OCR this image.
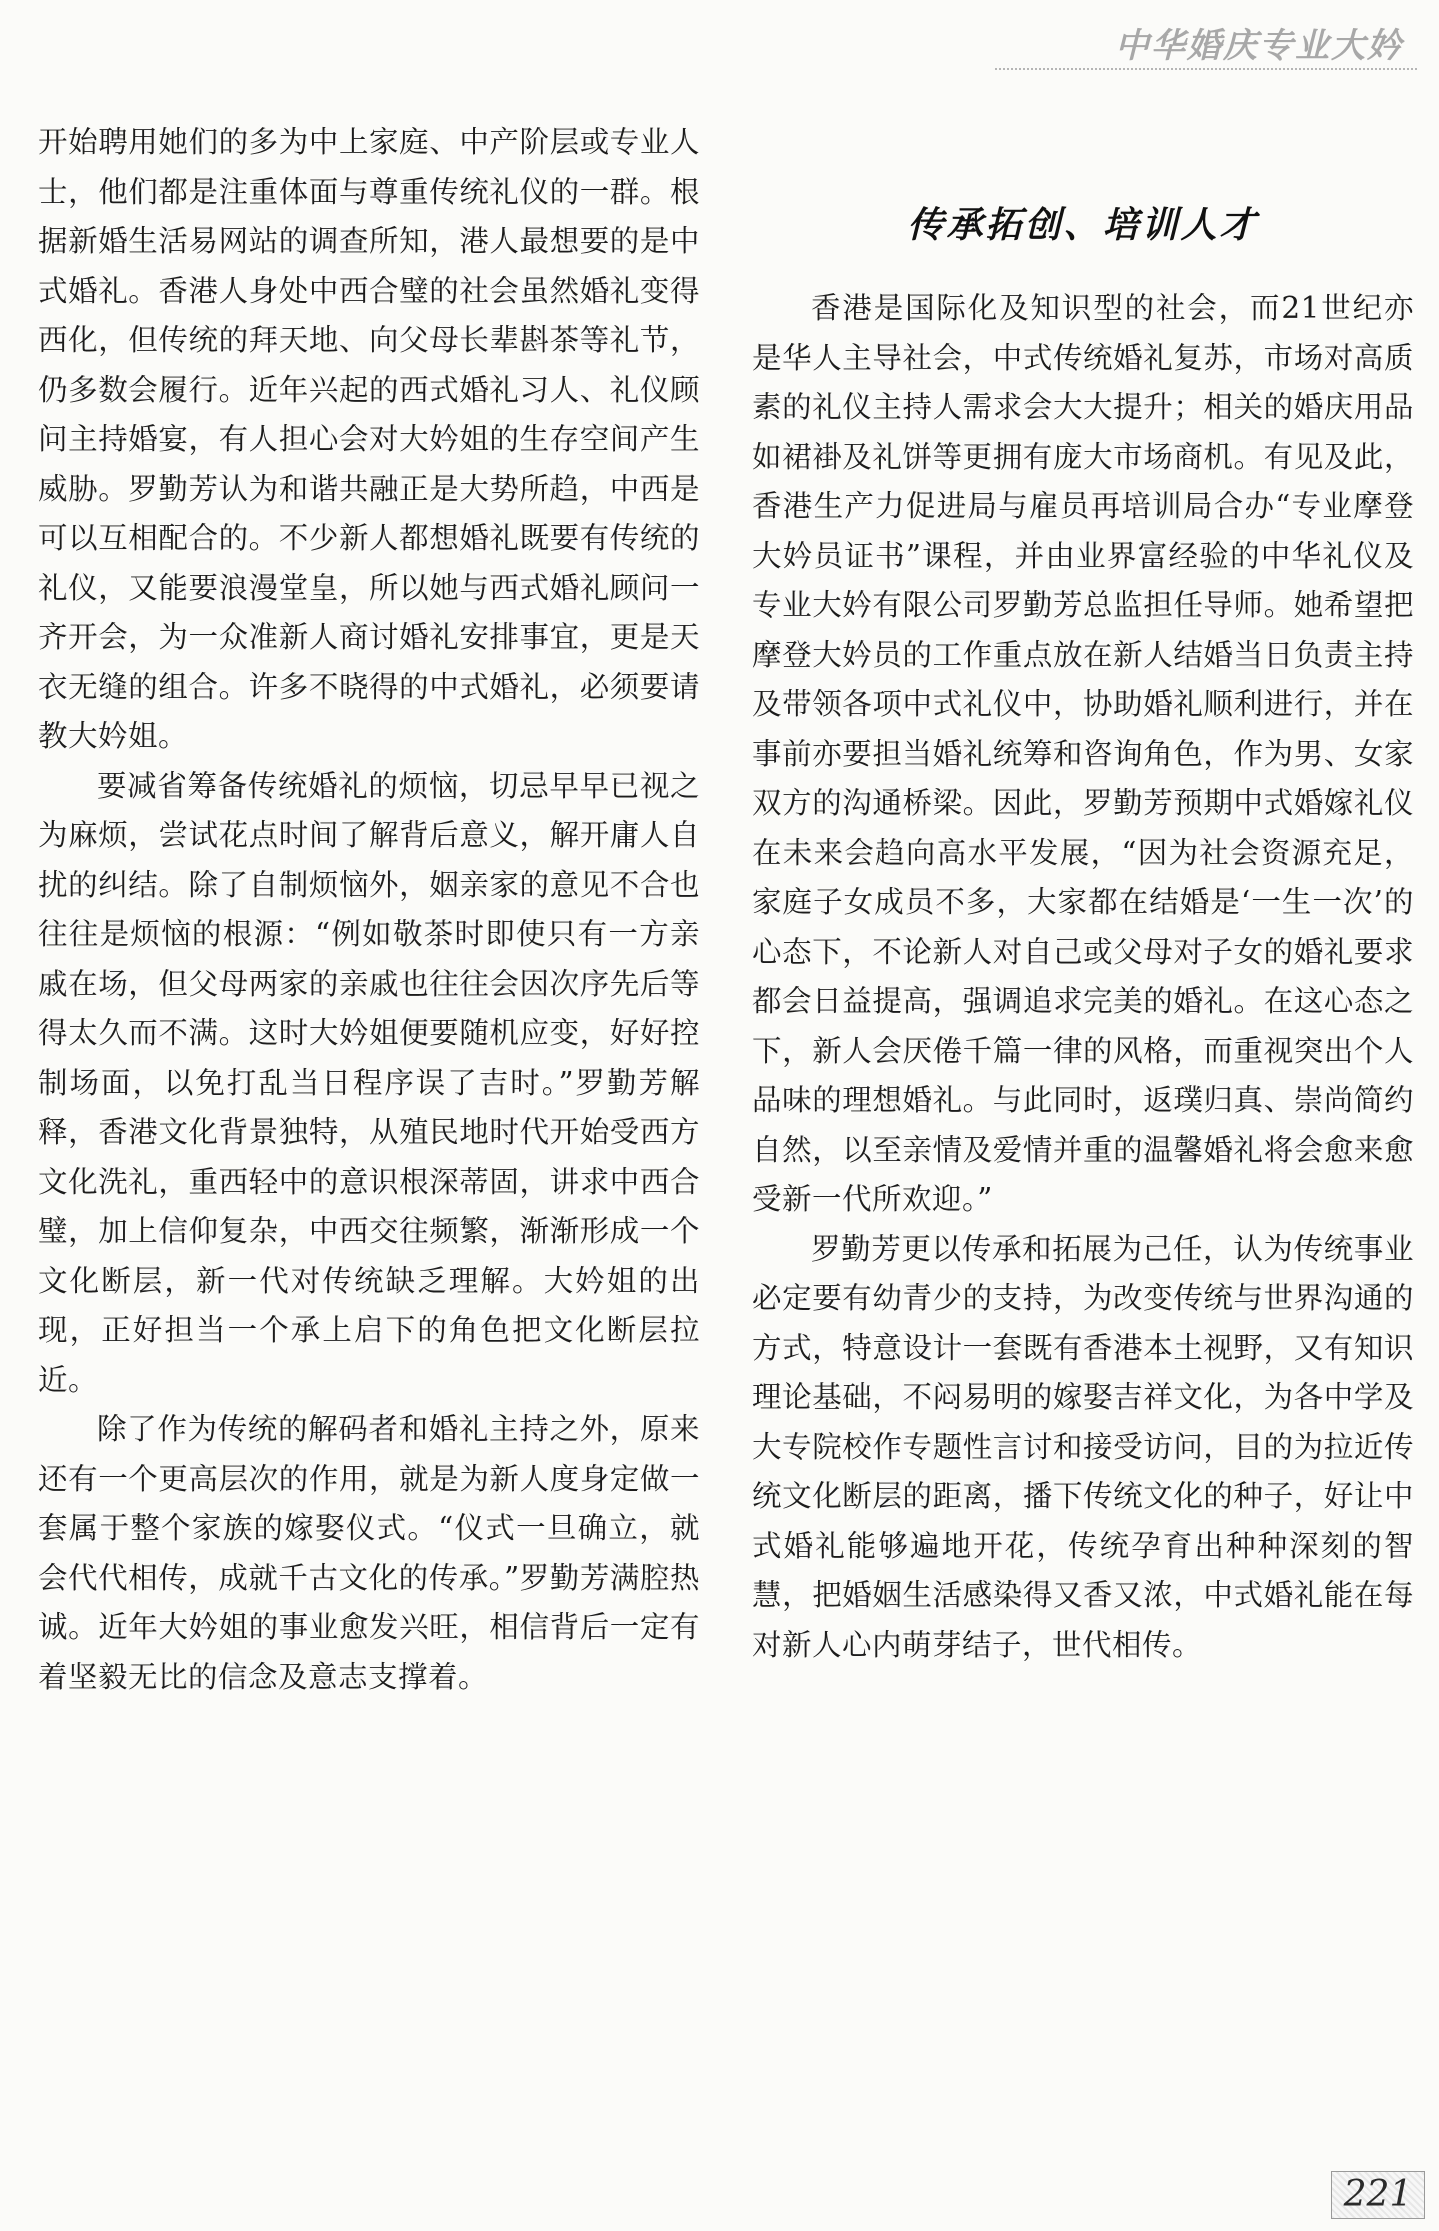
中华婚庆专业大妗

开始聘用她们的多为中上家庭、中产阶层或专业人士，他们都是注重体面与尊重传统礼仪的一群。根据新婚生活易网站的调查所知，港人最想要的是中式婚礼。香港人身处中西合璧的社会虽然婚礼变得西化，但传统的拜天地、向父母长辈斟茶等礼节，仍多数会履行。近年兴起的西式婚礼习人、礼仪顾问主持婚宴，有人担心会对大妗姐的生存空间产生威胁。罗勤芳认为和谐共融正是大势所趋，中西是可以互相配合的。不少新人都想婚礼既要有传统的礼仪，又能要浪漫堂皇，所以她与西式婚礼顾问一齐开会，为一众准新人商讨婚礼安排事宜，更是天衣无缝的组合。许多不晓得的中式婚礼，必须要请教大妗姐。

要减省筹备传统婚礼的烦恼，切忌早早已视之为麻烦，尝试花点时间了解背后意义，解开庸人自扰的纠结。除了自制烦恼外，姻亲家的意见不合也往往是烦恼的根源：“例如敬茶时即使只有一方亲戚在场，但父母两家的亲戚也往往会因次序先后等得太久而不满。这时大妗姐便要随机应变，好好控制场面，以免打乱当日程序误了吉时。”罗勤芳解释，香港文化背景独特，从殖民地时代开始受西方文化洗礼，重西轻中的意识根深蒂固，讲求中西合璧，加上信仰复杂，中西交往频繁，渐渐形成一个文化断层，新一代对传统缺乏理解。大妗姐的出现，正好担当一个承上启下的角色把文化断层拉近。

除了作为传统的解码者和婚礼主持之外，原来还有一个更高层次的作用，就是为新人度身定做一套属于整个家族的嫁娶仪式。“仪式一旦确立，就会代代相传，成就千古文化的传承。”罗勤芳满腔热诚。近年大妗姐的事业愈发兴旺，相信背后一定有着坚毅无比的信念及意志支撑着。

传承拓创、培训人才

香港是国际化及知识型的社会，而21世纪亦是华人主导社会，中式传统婚礼复苏，市场对高质素的礼仪主持人需求会大大提升；相关的婚庆用品如裙褂及礼饼等更拥有庞大市场商机。有见及此，香港生产力促进局与雇员再培训局合办“专业摩登大妗员证书”课程，并由业界富经验的中华礼仪及专业大妗有限公司罗勤芳总监担任导师。她希望把摩登大妗员的工作重点放在新人结婚当日负责主持及带领各项中式礼仪中，协助婚礼顺利进行，并在事前亦要担当婚礼统筹和咨询角色，作为男、女家双方的沟通桥梁。因此，罗勤芳预期中式婚嫁礼仪在未来会趋向高水平发展，“因为社会资源充足，家庭子女成员不多，大家都在结婚是‘一生一次’的心态下，不论新人对自己或父母对子女的婚礼要求都会日益提高，强调追求完美的婚礼。在这心态之下，新人会厌倦千篇一律的风格，而重视突出个人品味的理想婚礼。与此同时，返璞归真、崇尚简约自然，以至亲情及爱情并重的温馨婚礼将会愈来愈受新一代所欢迎。”

罗勤芳更以传承和拓展为己任，认为传统事业必定要有幼青少的支持，为改变传统与世界沟通的方式，特意设计一套既有香港本土视野，又有知识理论基础，不闷易明的嫁娶吉祥文化，为各中学及大专院校作专题性言讨和接受访问，目的为拉近传统文化断层的距离，播下传统文化的种子，好让中式婚礼能够遍地开花，传统孕育出种种深刻的智慧，把婚姻生活感染得又香又浓，中式婚礼能在每对新人心内萌芽结子，世代相传。

221
